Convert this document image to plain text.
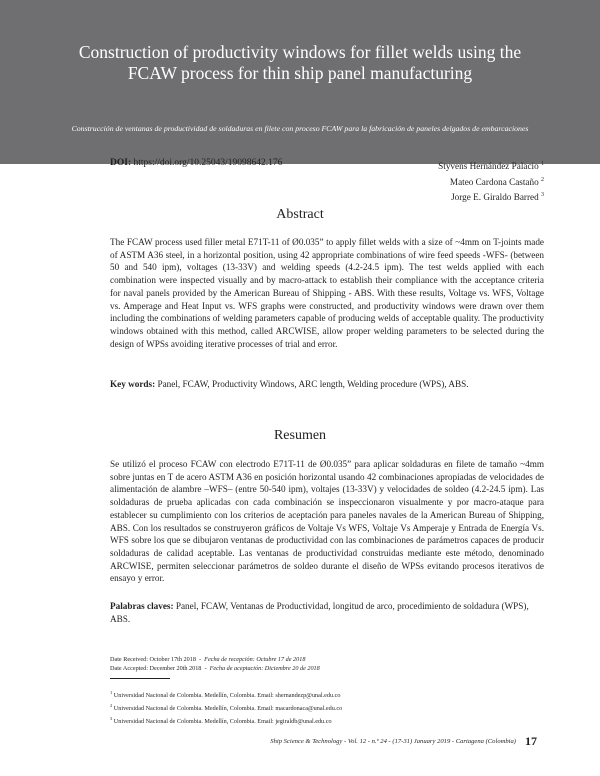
Construction of productivity windows for fillet welds using the FCAW process for thin ship panel manufacturing
Construcción de ventanas de productividad de soldaduras en filete con proceso FCAW para la fabricación de paneles delgados de embarcaciones
DOI: https://doi.org/10.25043/19098642.176	Styvens Hernández Palacio $^1$
Mateo Cardona Castaño $^2$
Jorge E. Giraldo Barred $^3$
Abstract
The FCAW process used filler metal E71T-11 of Ø0.035” to apply fillet welds with a size of ~4mm on T-joints made of ASTM A36 steel, in a horizontal position, using 42 appropriate combinations of wire feed speeds -WFS- (between 50 and 540 ipm), voltages (13-33V) and welding speeds (4.2-24.5 ipm). The test welds applied with each combination were inspected visually and by macro-attack to establish their compliance with the acceptance criteria for naval panels provided by the American Bureau of Shipping - ABS. With these results, Voltage vs. WFS, Voltage vs. Amperage and Heat Input vs. WFS graphs were constructed, and productivity windows were drawn over them including the combinations of welding parameters capable of producing welds of acceptable quality. The productivity windows obtained with this method, called ARCWISE, allow proper welding parameters to be selected during the design of WPSs avoiding iterative processes of trial and error.
Key words: Panel, FCAW, Productivity Windows, ARC length, Welding procedure (WPS), ABS.
Resumen
Se utilizó el proceso FCAW con electrodo E71T-11 de Ø0.035” para aplicar soldaduras en filete de tamaño ~4mm sobre juntas en T de acero ASTM A36 en posición horizontal usando 42 combinaciones apropiadas de velocidades de alimentación de alambre –WFS– (entre 50-540 ipm), voltajes (13-33V) y velocidades de soldeo (4.2-24.5 ipm). Las soldaduras de prueba aplicadas con cada combinación se inspeccionaron visualmente y por macro-ataque para establecer su cumplimiento con los criterios de aceptación para paneles navales de la American Bureau of Shipping, ABS. Con los resultados se construyeron gráficos de Voltaje Vs WFS, Voltaje Vs Amperaje y Entrada de Energía Vs. WFS sobre los que se dibujaron ventanas de productividad con las combinaciones de parámetros capaces de producir soldaduras de calidad aceptable. Las ventanas de productividad construidas mediante este método, denominado ARCWISE, permiten seleccionar parámetros de soldeo durante el diseño de WPSs evitando procesos iterativos de ensayo y error.
Palabras claves: Panel, FCAW, Ventanas de Productividad, longitud de arco, procedimiento de soldadura (WPS), ABS.
Date Received: October 17th 2018  -  Fecha de recepción: Octubre 17 de 2018
Date Accepted: December 20th 2018  -  Fecha de aceptación: Diciembre 20 de 2018
$^1$ Universidad Nacional de Colombia. Medellín, Colombia. Email: shernandezp@unal.edu.co
$^2$ Universidad Nacional de Colombia. Medellín, Colombia. Email: macardonaca@unal.edu.co
$^3$ Universidad Nacional de Colombia. Medellín, Colombia. Email: jegiraldb@unal.edu.co
Ship Science & Technology - Vol. 12 - n.º 24 - (17-31) January 2019 - Cartagena (Colombia) 17
